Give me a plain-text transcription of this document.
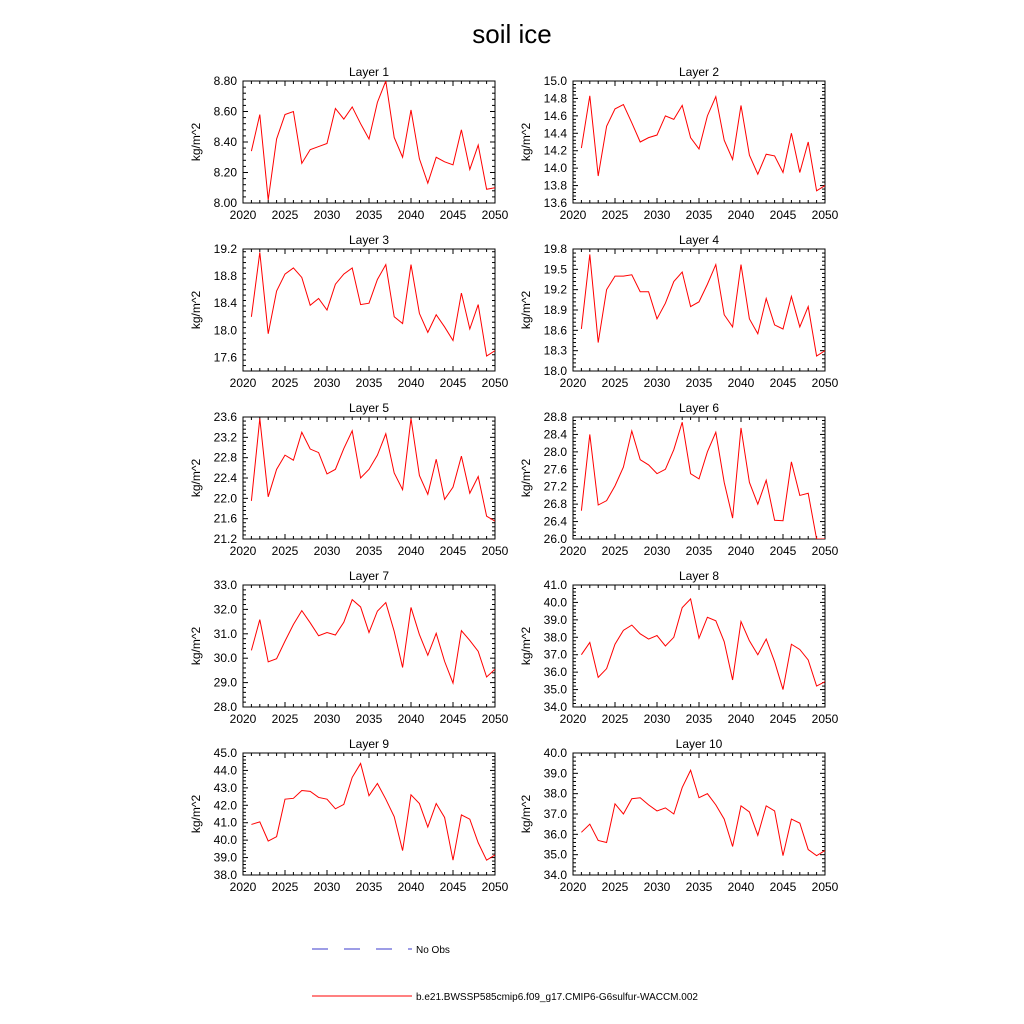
soil ice
Layer 1
kg/m^2
2020 2025 2030 2035 2040 2045 2050
8.00
8.20
8.40
8.60
8.80
Layer 2
kg/m^2
2020 2025 2030 2035 2040 2045 2050
13.6
13.8
14.0
14.2
14.4
14.6
14.8
15.0
Layer 3
kg/m^2
2020 2025 2030 2035 2040 2045 2050
17.6
18.0
18.4
18.8
19.2
Layer 4
kg/m^2
2020 2025 2030 2035 2040 2045 2050
18.0
18.3
18.6
18.9
19.2
19.5
19.8
Layer 5
kg/m^2
2020 2025 2030 2035 2040 2045 2050
21.2
21.6
22.0
22.4
22.8
23.2
23.6
Layer 6
kg/m^2
2020 2025 2030 2035 2040 2045 2050
26.0
26.4
26.8
27.2
27.6
28.0
28.4
28.8
Layer 7
kg/m^2
2020 2025 2030 2035 2040 2045 2050
28.0
29.0
30.0
31.0
32.0
33.0
Layer 8
kg/m^2
2020 2025 2030 2035 2040 2045 2050
34.0
35.0
36.0
37.0
38.0
39.0
40.0
41.0
Layer 9
kg/m^2
2020 2025 2030 2035 2040 2045 2050
38.0
39.0
40.0
41.0
42.0
43.0
44.0
45.0
Layer 10
kg/m^2
2020 2025 2030 2035 2040 2045 2050
34.0
35.0
36.0
37.0
38.0
39.0
40.0
No Obs
b.e21.BWSSP585cmip6.f09_g17.CMIP6-G6sulfur-WACCM.002
